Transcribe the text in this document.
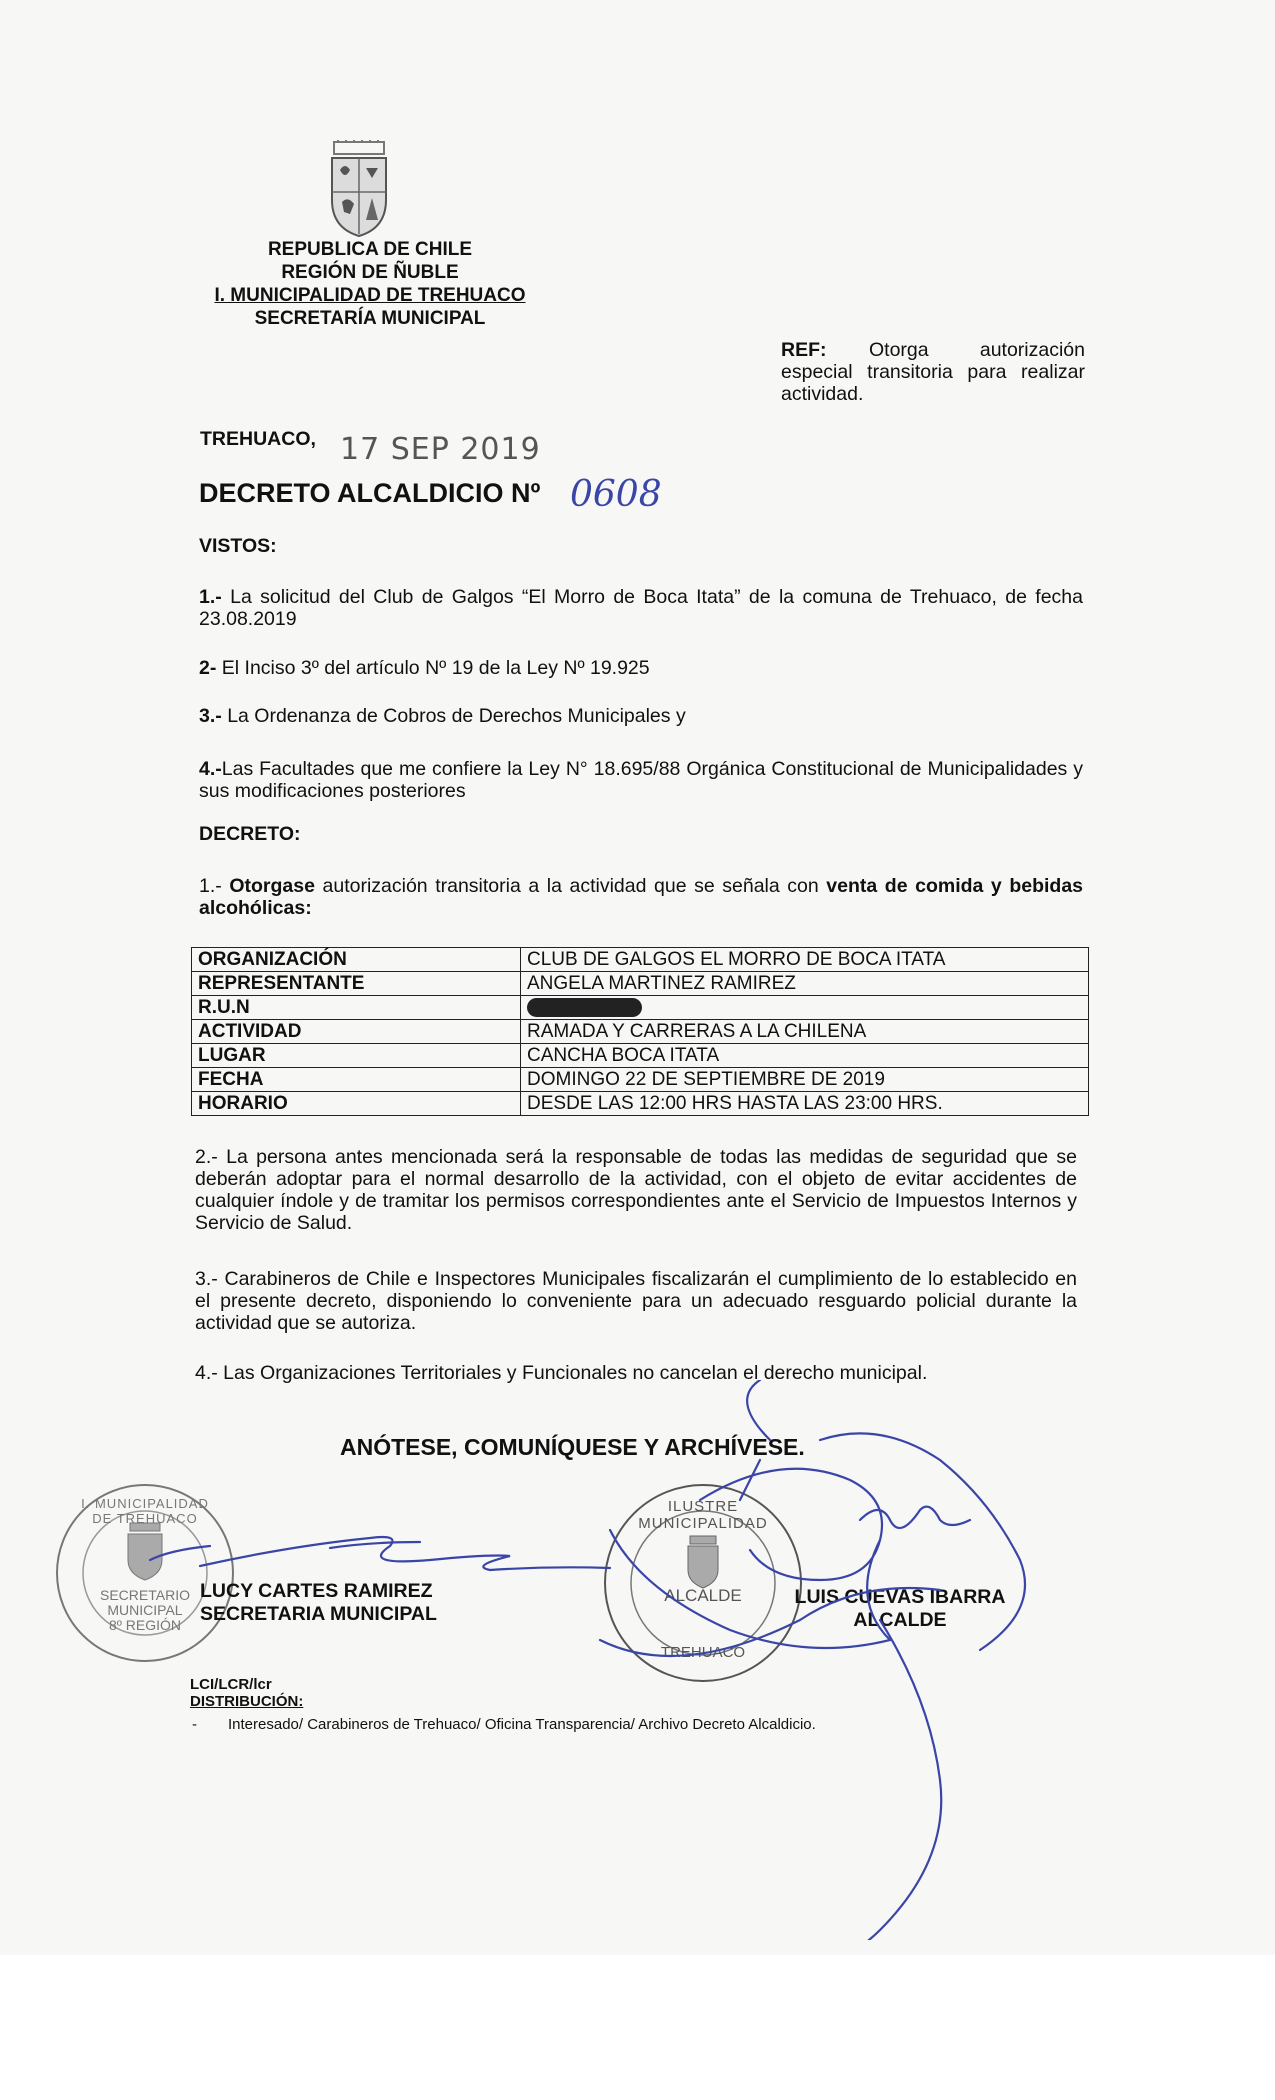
REPUBLICA DE CHILE
REGIÓN DE ÑUBLE
I. MUNICIPALIDAD DE TREHUACO
SECRETARÍA MUNICIPAL
REF:	Otorga autorización
especial transitoria para realizar actividad.
TREHUACO, 17 SEP 2019
DECRETO ALCALDICIO Nº 0608
VISTOS:
1.- La solicitud del Club de Galgos “El Morro de Boca Itata” de la comuna de Trehuaco, de fecha 23.08.2019
2- El Inciso 3º del artículo Nº 19 de la Ley Nº 19.925
3.- La Ordenanza de Cobros de Derechos Municipales y
4.-Las Facultades que me confiere la Ley N° 18.695/88 Orgánica Constitucional de Municipalidades y sus modificaciones posteriores
DECRETO:
1.- Otorgase autorización transitoria a la actividad que se señala con venta de comida y bebidas alcohólicas:
ORGANIZACIÓN	CLUB DE GALGOS EL MORRO DE BOCA ITATA
REPRESENTANTE	ANGELA MARTINEZ RAMIREZ
R.U.N	
ACTIVIDAD	RAMADA Y CARRERAS A LA CHILENA
LUGAR	CANCHA BOCA ITATA
FECHA	DOMINGO 22 DE SEPTIEMBRE DE 2019
HORARIO	DESDE LAS 12:00 HRS HASTA LAS 23:00 HRS.
2.- La persona antes mencionada será la responsable de todas las medidas de seguridad que se deberán adoptar para el normal desarrollo de la actividad, con el objeto de evitar accidentes de cualquier índole y de tramitar los permisos correspondientes ante el Servicio de Impuestos Internos y Servicio de Salud.
3.- Carabineros de Chile e Inspectores Municipales fiscalizarán el cumplimiento de lo establecido en el presente decreto, disponiendo lo conveniente para un adecuado resguardo policial durante la actividad que se autoriza.
4.- Las Organizaciones Territoriales y Funcionales no cancelan el derecho municipal.
ANÓTESE, COMUNÍQUESE Y ARCHÍVESE.
I. MUNICIPALIDAD DE TREHUACO
SECRETARIO
MUNICIPAL
8º REGIÓN
ILUSTRE MUNICIPALIDAD
ALCALDE
TREHUACO
LUCY CARTES RAMIREZ
SECRETARIA MUNICIPAL
LUIS CUEVAS IBARRA
ALCALDE
LCI/LCR/lcr
DISTRIBUCIÓN:
-	Interesado/ Carabineros de Trehuaco/ Oficina Transparencia/ Archivo Decreto Alcaldicio.
